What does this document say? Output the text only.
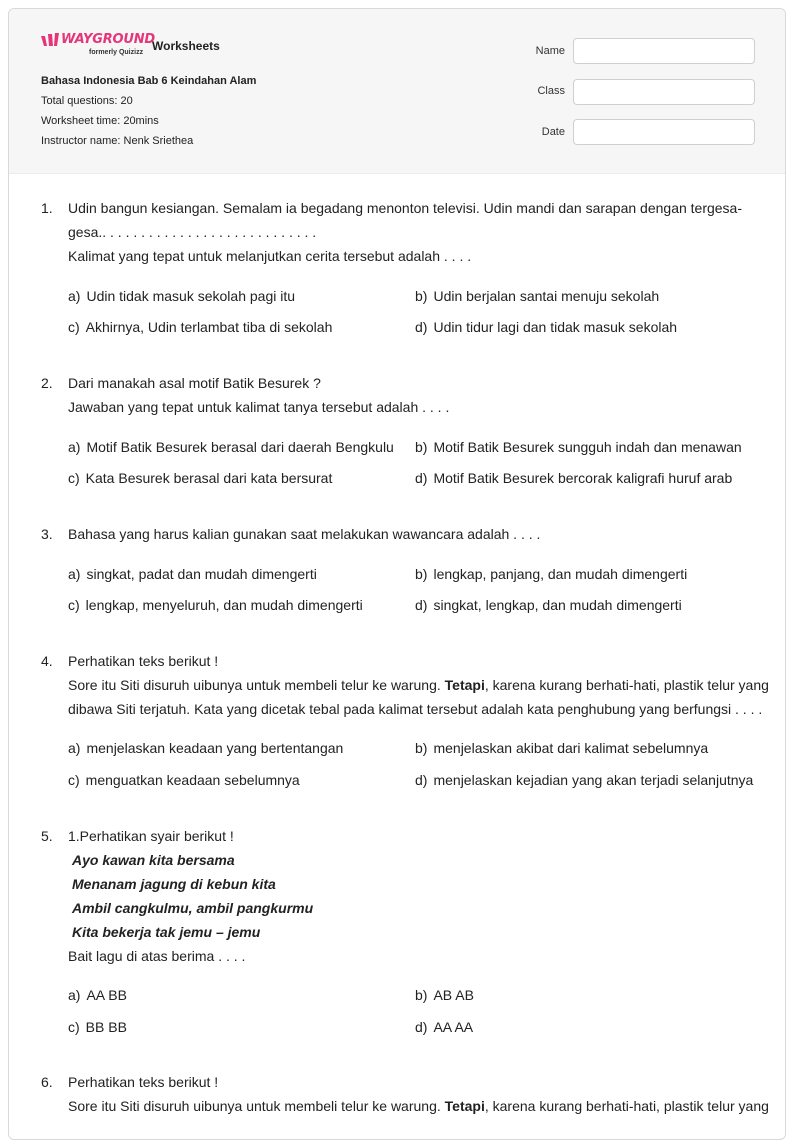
WAYGROUND
formerly Quizizz Worksheets
Bahasa Indonesia Bab 6 Keindahan Alam
Total questions: 20
Worksheet time: 20mins
Instructor name: Nenk Sriethea
Name
Class
Date
1. Udin bangun kesiangan. Semalam ia begadang menonton televisi. Udin mandi dan sarapan dengan tergesa-
gesa.. . . . . . . . . . . . . . . . . . . . . . . . . . . .
Kalimat yang tepat untuk melanjutkan cerita tersebut adalah . . . .
a) Udin tidak masuk sekolah pagi itu	b) Udin berjalan santai menuju sekolah
c) Akhirnya, Udin terlambat tiba di sekolah	d) Udin tidur lagi dan tidak masuk sekolah
2. Dari manakah asal motif Batik Besurek ?
Jawaban yang tepat untuk kalimat tanya tersebut adalah . . . .
a) Motif Batik Besurek berasal dari daerah Bengkulu b) Motif Batik Besurek sungguh indah dan menawan
c) Kata Besurek berasal dari kata bersurat	d) Motif Batik Besurek bercorak kaligrafi huruf arab
3. Bahasa yang harus kalian gunakan saat melakukan wawancara adalah . . . .
a) singkat, padat dan mudah dimengerti	b) lengkap, panjang, dan mudah dimengerti
c) lengkap, menyeluruh, dan mudah dimengerti	d) singkat, lengkap, dan mudah dimengerti
4. Perhatikan teks berikut !
Sore itu Siti disuruh uibunya untuk membeli telur ke warung. Tetapi, karena kurang berhati-hati, plastik telur yang
dibawa Siti terjatuh. Kata yang dicetak tebal pada kalimat tersebut adalah kata penghubung yang berfungsi . . . .
a) menjelaskan keadaan yang bertentangan	b) menjelaskan akibat dari kalimat sebelumnya
c) menguatkan keadaan sebelumnya	d) menjelaskan kejadian yang akan terjadi selanjutnya
5. 1.Perhatikan syair berikut !
Ayo kawan kita bersama
Menanam jagung di kebun kita
Ambil cangkulmu, ambil pangkurmu
Kita bekerja tak jemu – jemu
Bait lagu di atas berima . . . .
a) AA BB	b) AB AB
c) BB BB	d) AA AA
6. Perhatikan teks berikut !
Sore itu Siti disuruh uibunya untuk membeli telur ke warung. Tetapi, karena kurang berhati-hati, plastik telur yang
